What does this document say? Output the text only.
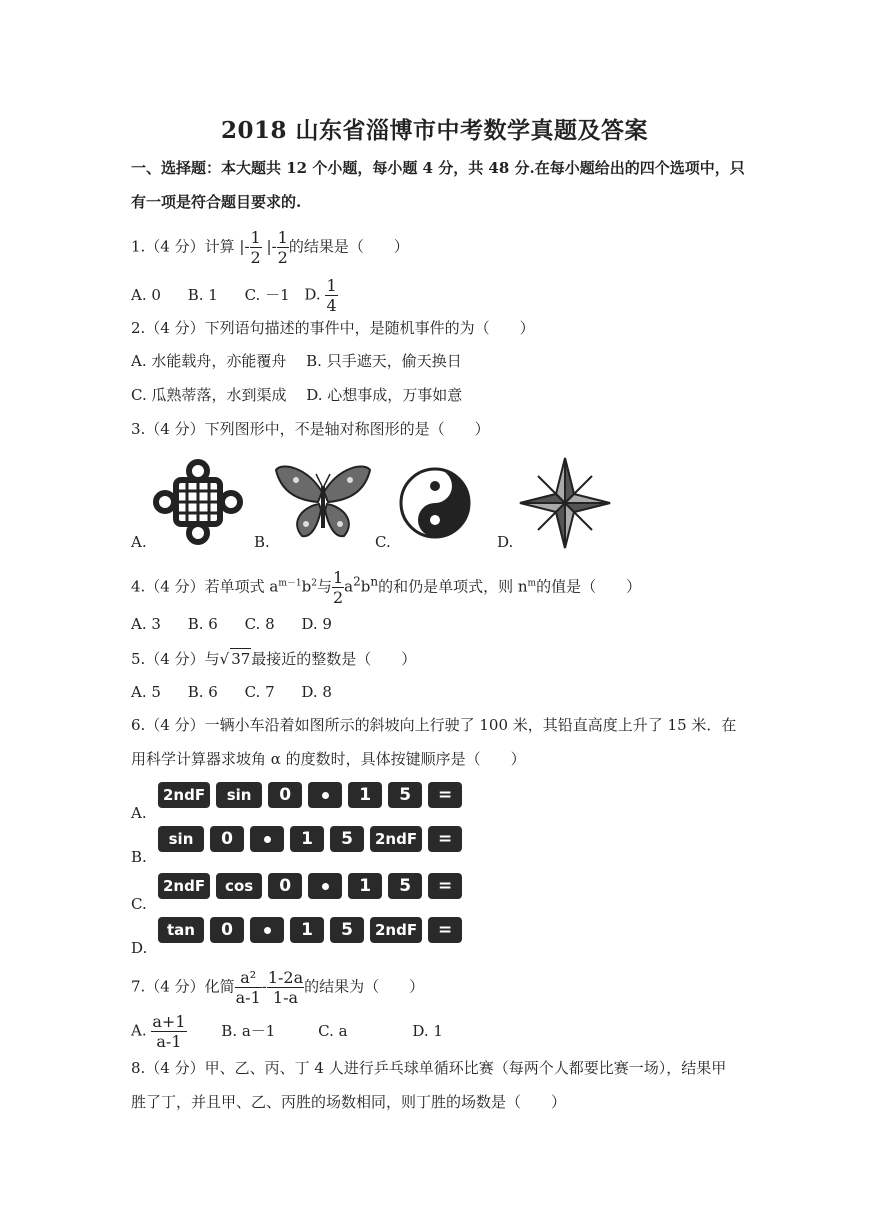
2018 山东省淄博市中考数学真题及答案
一、选择题：本大题共 12 个小题，每小题 4 分，共 48 分.在每小题给出的四个选项中，只
有一项是符合题目要求的.
1.（4 分）计算 |- $\frac{1}{2}$ |- $\frac{1}{2}$ 的结果是（　　）
A. 0 B. 1 C. －1 D. $\frac{1}{4}$
2.（4 分）下列语句描述的事件中，是随机事件的为（　　）
A. 水能载舟，亦能覆舟　 B. 只手遮天，偷天换日
C. 瓜熟蒂落，水到渠成　 D. 心想事成，万事如意
3.（4 分）下列图形中，不是轴对称图形的是（　　）
A.	B.	C.	D.
4.（4 分）若单项式 $a^{m-1}b^2$与 $\frac{1}{2} a^2b^n$的和仍是单项式，则 $n^m$的值是（　　）
A. 3 B. 6 C. 8 D. 9
5.（4 分）与√ 37最接近的整数是（　　）
A. 5 B. 6 C. 7 D. 8
6.（4 分）一辆小车沿着如图所示的斜坡向上行驶了 100 米，其铅直高度上升了 15 米．在
用科学计算器求坡角 α 的度数时，具体按键顺序是（　　）
A.
2ndF	sin	0	1	5	=
B.
sin	0	1	5	2ndF	=
C.
2ndF	cos	0	1	5	=
D.
tan	0	1	5	2ndF	=
7.（4 分）化简 $\frac{\text{a²}}{a-1} - \frac{1-2a}{1-a}$ 的结果为（　　）
A. $\frac{a+1}{a-1} B$. a－1	C. a	D. 1
8.（4 分）甲、乙、丙、丁 4 人进行乒乓球单循环比赛（每两个人都要比赛一场），结果甲
胜了丁，并且甲、乙、丙胜的场数相同，则丁胜的场数是（　　）
